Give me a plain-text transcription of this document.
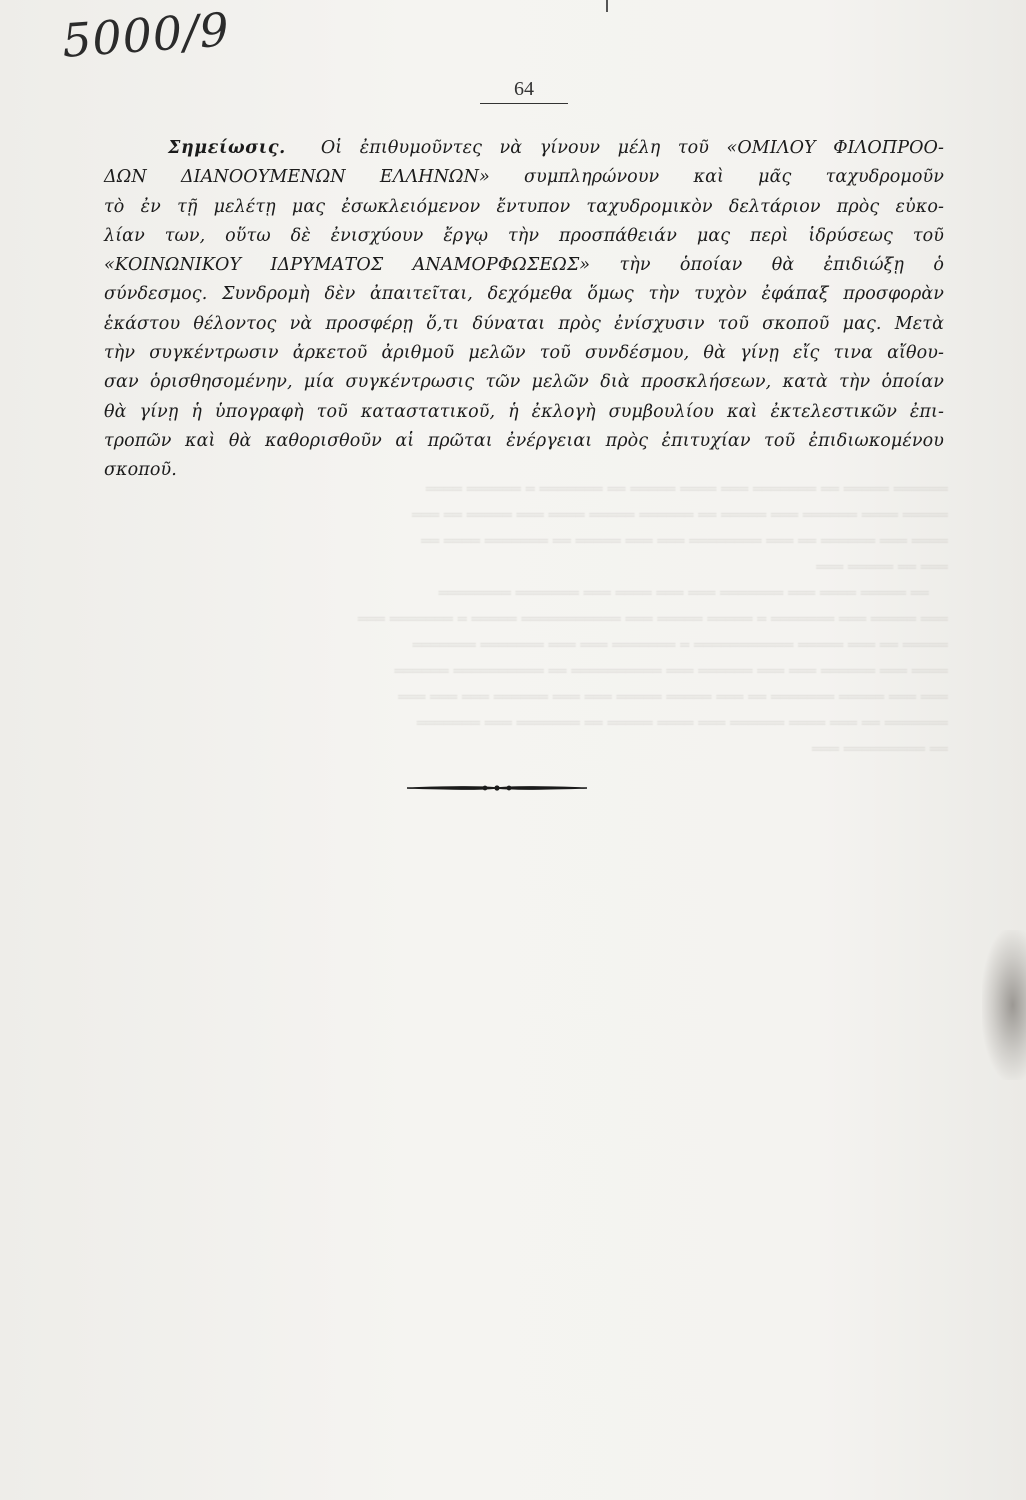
5000/9
64
══════ ═════ ══ ═══════ ═══ ════ ═════ ══ ═══════ ═ ══════ ════
═════ ════ ══════ ═══ ═════ ══ ══════ ═════ ════ ═══ ═════ ══ ═══
════ ═══ ══════ ══ ═══ ════════ ═══ ═══ ═════ ══ ═══════ ════ ══
═══ ══ ═════ ═══
══ ═════ ════ ═══ ═══════ ═══ ═══ ════ ═══ ═══════ ════════
═══ ═════ ═══ ═══════ ═ ═════ ═════ ═══ ═══════════ ═════ ═ ═══════ ═══
═════ ══ ═══ ═════ ═══════════ ═ ═══════ ═══ ═══ ═══════ ═══════
════ ═══ ══════ ═══ ═══ ══════ ═══ ══════════ ══ ══════════ ══════
═══ ═══ ═════ ═══════ ══ ═══ ═════ ═════ ═══ ═══ ══════ ═══ ═══ ═══
═══════ ══ ═══ ════ ══════ ═══ ════ ═════ ══ ═══════ ═══ ═══════
══ ═════════ ═══
Σημείωσις. Οἱ ἐπιθυμοῦντες νὰ γίνουν μέλη τοῦ «ΟΜΙΛΟΥ ΦΙΛΟΠΡΟΟ-
ΔΩΝ ΔΙΑΝΟΟΥΜΕΝΩΝ ΕΛΛΗΝΩΝ» συμπληρώνουν καὶ μᾶς ταχυδρομοῦν
τὸ ἐν τῇ μελέτῃ μας ἐσωκλειόμενον ἔντυπον ταχυδρομικὸν δελτάριον πρὸς εὐκο-
λίαν των, οὕτω δὲ ἐνισχύουν ἔργῳ τὴν προσπάθειάν μας περὶ ἱδρύσεως τοῦ
«ΚΟΙΝΩΝΙΚΟΥ ΙΔΡΥΜΑΤΟΣ ΑΝΑΜΟΡΦΩΣΕΩΣ» τὴν ὁποίαν θὰ ἐπιδιώξῃ ὁ
σύνδεσμος. Συνδρομὴ δὲν ἀπαιτεῖται, δεχόμεθα ὅμως τὴν τυχὸν ἐφάπαξ προσφορὰν
ἑκάστου θέλοντος νὰ προσφέρῃ ὅ,τι δύναται πρὸς ἐνίσχυσιν τοῦ σκοποῦ μας. Μετὰ
τὴν συγκέντρωσιν ἀρκετοῦ ἀριθμοῦ μελῶν τοῦ συνδέσμου, θὰ γίνῃ εἴς τινα αἴθου-
σαν ὁρισθησομένην, μία συγκέντρωσις τῶν μελῶν διὰ προσκλήσεων, κατὰ τὴν ὁποίαν
θὰ γίνῃ ἡ ὑπογραφὴ τοῦ καταστατικοῦ, ἡ ἐκλογὴ συμβουλίου καὶ ἐκτελεστικῶν ἐπι-
τροπῶν καὶ θὰ καθορισθοῦν αἱ πρῶται ἐνέργειαι πρὸς ἐπιτυχίαν τοῦ ἐπιδιωκομένου
σκοποῦ.
